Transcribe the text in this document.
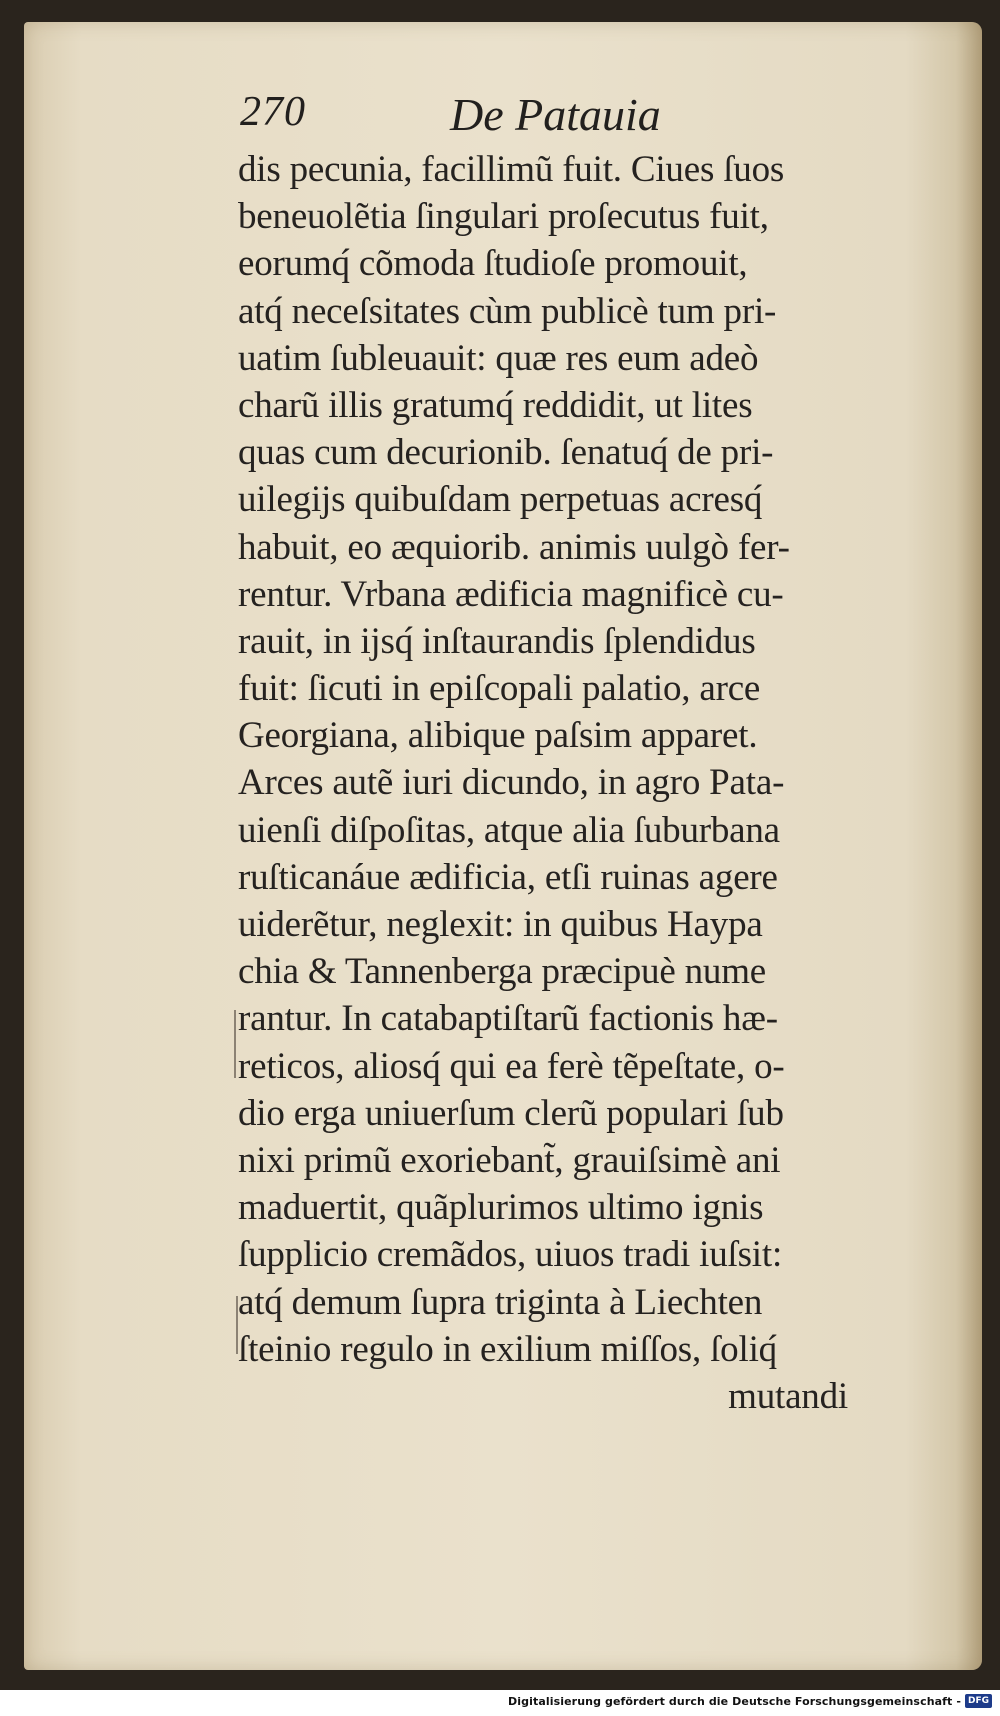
270	De Patauia
dis pecunia, facillimũ fuit. Ciues ſuos
beneuolẽtia ſingulari proſecutus fuit,
eorumq́ cõmoda ſtudioſe promouit,
atq́ neceſsitates cùm publicè tum pri-
uatim ſubleuauit: quæ res eum adeò
charũ illis gratumq́ reddidit, ut lites
quas cum decurionib. ſenatuq́ de pri-
uilegijs quibuſdam perpetuas acresq́
habuit, eo æquiorib. animis uulgò fer-
rentur. Vrbana ædificia magnificè cu-
rauit, in ijsq́ inſtaurandis ſplendidus
fuit: ſicuti in epiſcopali palatio, arce
Georgiana, alibique paſsim apparet.
Arces autẽ iuri dicundo, in agro Pata-
uienſi diſpoſitas, atque alia ſuburbana
ruſticanáue ædificia, etſi ruinas agere
uiderẽtur, neglexit: in quibus Haypa
chia & Tannenberga præcipuè nume
rantur. In catabaptiſtarũ factionis hæ-
reticos, aliosq́ qui ea ferè tẽpeſtate, o-
dio erga uniuerſum clerũ populari ſub
nixi primũ exoriebant̃, grauiſsimè ani
maduertit, quãplurimos ultimo ignis
ſupplicio cremãdos, uiuos tradi iuſsit:
atq́ demum ſupra triginta à Liechten
ſteinio regulo in exilium miſſos, ſoliq́
mutandi
Digitalisierung gefördert durch die Deutsche Forschungsgemeinschaft - DFG
